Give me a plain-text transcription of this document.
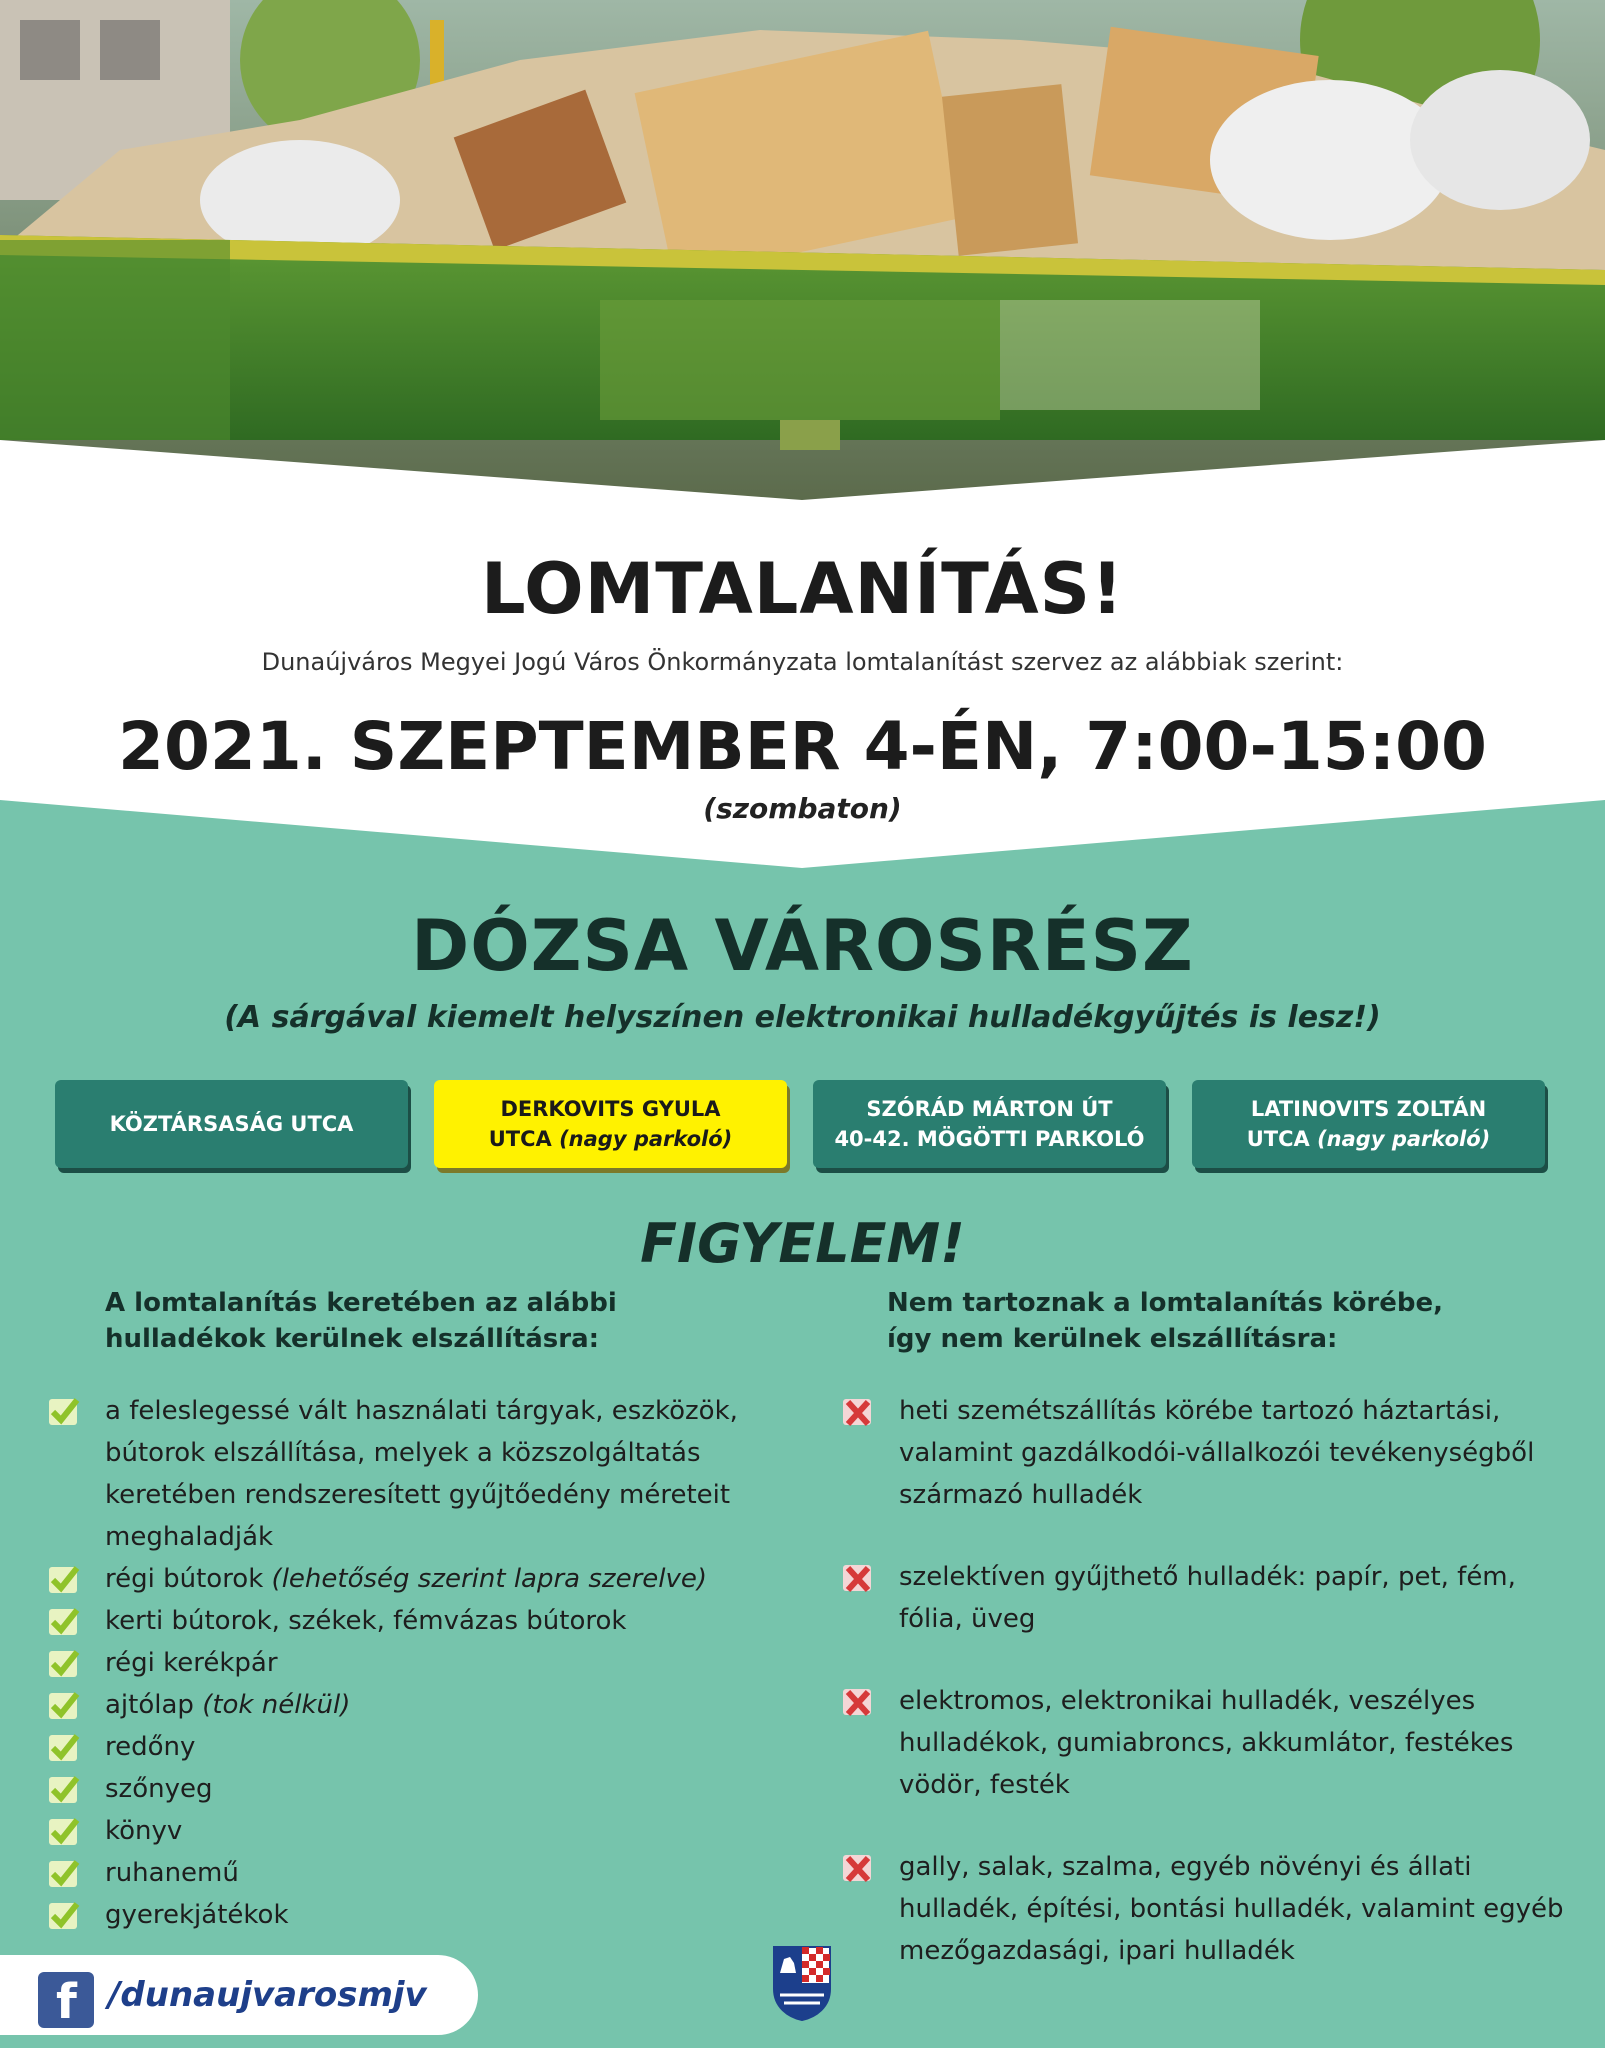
LOMTALANÍTÁS!
Dunaújváros Megyei Jogú Város Önkormányzata lomtalanítást szervez az alábbiak szerint:
2021. SZEPTEMBER 4-ÉN, 7:00-15:00
(szombaton)
DÓZSA VÁROSRÉSZ
(A sárgával kiemelt helyszínen elektronikai hulladékgyűjtés is lesz!)
KÖZTÁRSASÁG UTCA
DERKOVITS GYULA
UTCA (nagy parkoló)
SZÓRÁD MÁRTON ÚT
40-42. MÖGÖTTI PARKOLÓ
LATINOVITS ZOLTÁN
UTCA (nagy parkoló)
FIGYELEM!

A lomtalanítás keretében az alábbi hulladékok kerülnek elszállításra:

Nem tartoznak a lomtalanítás körébe, így nem kerülnek elszállításra:

a feleslegessé vált használati tárgyak, eszközök, bútorok elszállítása, melyek a közszolgáltatás keretében rendszeresített gyűjtőedény méreteit meghaladják
régi bútorok (lehetőség szerint lapra szerelve)
kerti bútorok, székek, fémvázas bútorok
régi kerékpár
ajtólap (tok nélkül)
redőny
szőnyeg
könyv
ruhanemű
gyerekjátékok
heti szemétszállítás körébe tartozó háztartási, valamint gazdálkodói-vállalkozói tevékenységből származó hulladék
szelektíven gyűjthető hulladék: papír, pet, fém, fólia, üveg
elektromos, elektronikai hulladék, veszélyes hulladékok, gumiabroncs, akkumlátor, festékes vödör, festék
gally, salak, szalma, egyéb növényi és állati hulladék, építési, bontási hulladék, valamint egyéb mezőgazdasági, ipari hulladék
f /dunaujvarosmjv
